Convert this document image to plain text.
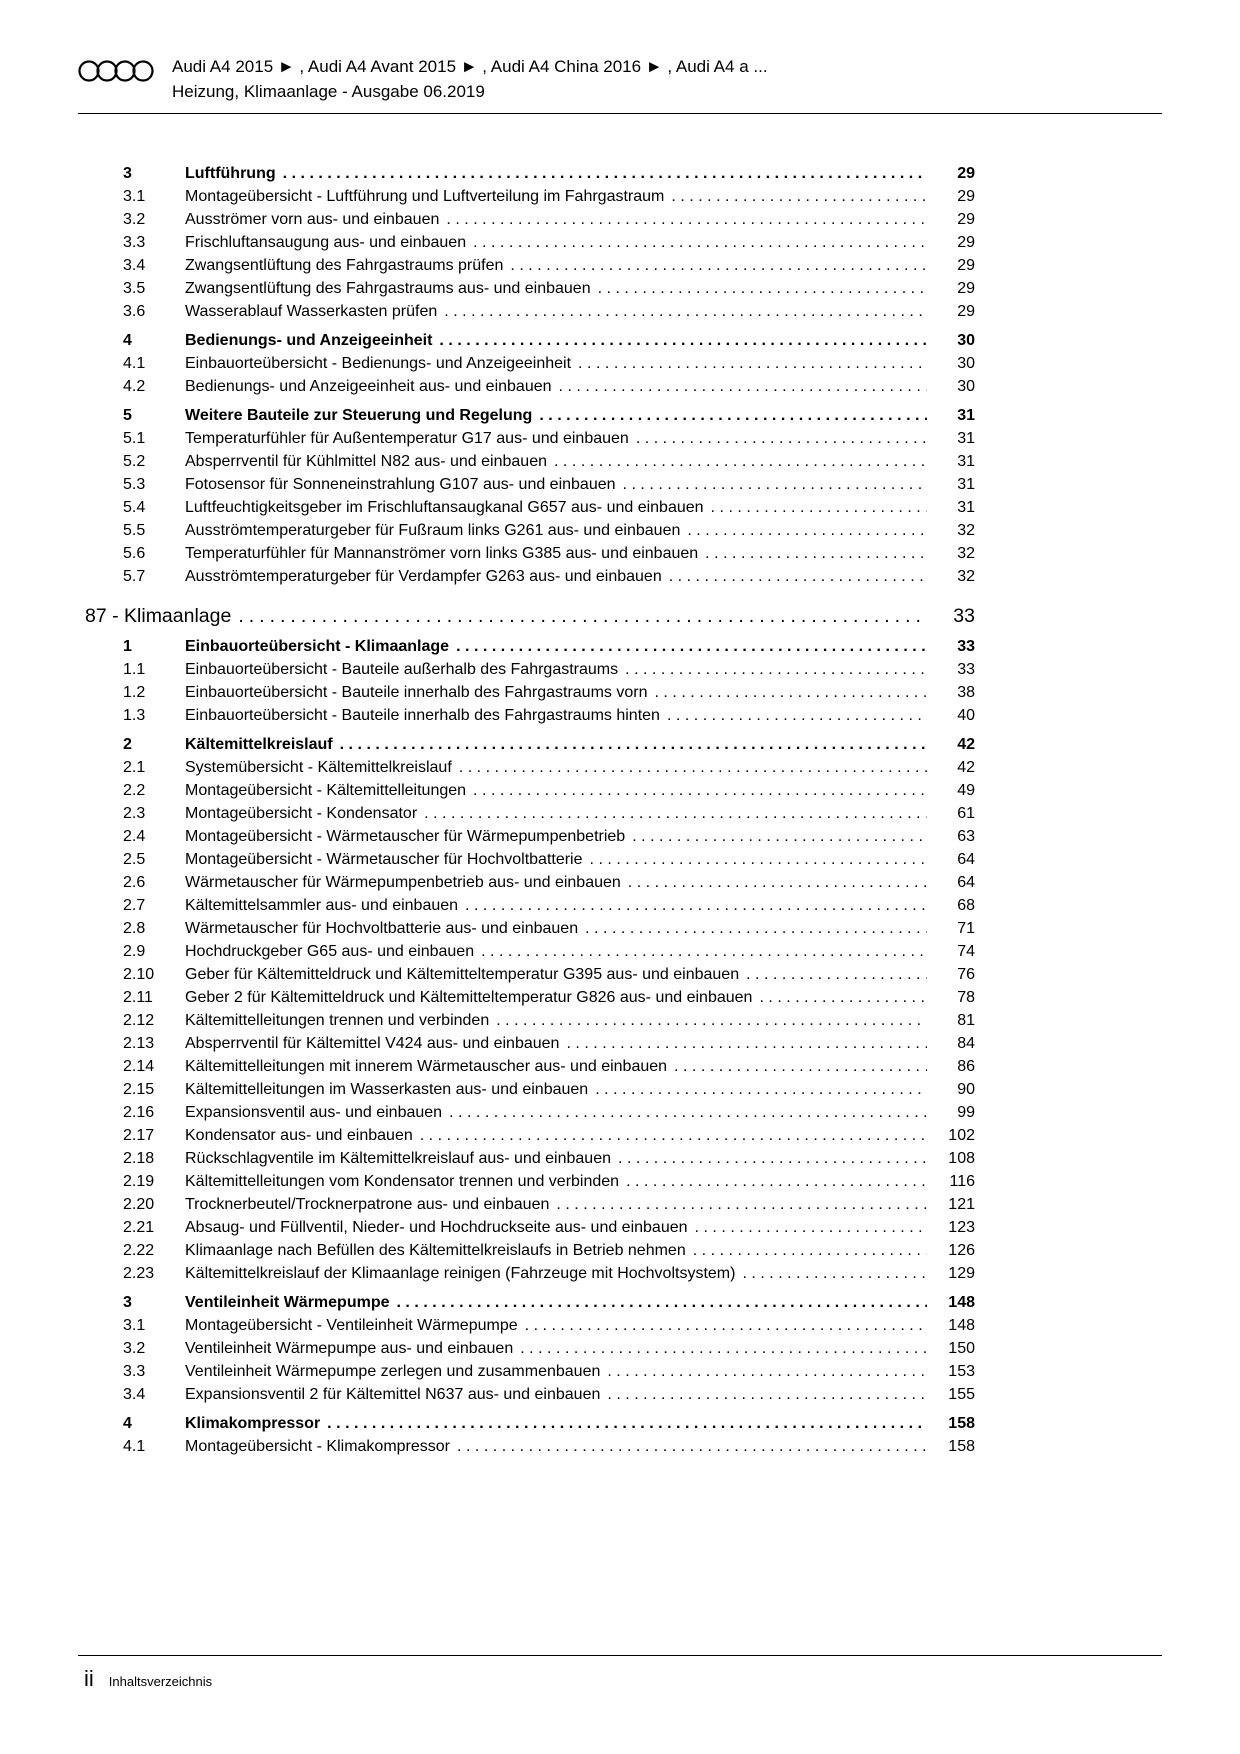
Audi A4 2015 ► , Audi A4 Avant 2015 ► , Audi A4 China 2016 ► , Audi A4 a ...
Heizung, Klimaanlage - Ausgabe 06.2019
3	Luftführung .....	29
3.1	Montageübersicht - Luftführung und Luftverteilung im Fahrgastraum .....	29
3.2	Ausströmer vorn aus- und einbauen .....	29
3.3	Frischluftansaugung aus- und einbauen .....	29
3.4	Zwangsentlüftung des Fahrgastraums prüfen .....	29
3.5	Zwangsentlüftung des Fahrgastraums aus- und einbauen .....	29
3.6	Wasserablauf Wasserkasten prüfen .....	29
4	Bedienungs- und Anzeigeeinheit .....	30
4.1	Einbauorteübersicht - Bedienungs- und Anzeigeeinheit .....	30
4.2	Bedienungs- und Anzeigeeinheit aus- und einbauen .....	30
5	Weitere Bauteile zur Steuerung und Regelung .....	31
5.1	Temperaturfühler für Außentemperatur G17 aus- und einbauen .....	31
5.2	Absperrventil für Kühlmittel N82 aus- und einbauen .....	31
5.3	Fotosensor für Sonneneinstrahlung G107 aus- und einbauen .....	31
5.4	Luftfeuchtigkeitsgeber im Frischluftansaugkanal G657 aus- und einbauen .....	31
5.5	Ausströmtemperaturgeber für Fußraum links G261 aus- und einbauen .....	32
5.6	Temperaturfühler für Mannanströmer vorn links G385 aus- und einbauen .....	32
5.7	Ausströmtemperaturgeber für Verdampfer G263 aus- und einbauen .....	32
87 - Klimaanlage .....	33
1	Einbauorteübersicht - Klimaanlage .....	33
1.1	Einbauorteübersicht - Bauteile außerhalb des Fahrgastraums .....	33
1.2	Einbauorteübersicht - Bauteile innerhalb des Fahrgastraums vorn .....	38
1.3	Einbauorteübersicht - Bauteile innerhalb des Fahrgastraums hinten .....	40
2	Kältemittelkreislauf .....	42
2.1	Systemübersicht - Kältemittelkreislauf .....	42
2.2	Montageübersicht - Kältemittelleitungen .....	49
2.3	Montageübersicht - Kondensator .....	61
2.4	Montageübersicht - Wärmetauscher für Wärmepumpenbetrieb .....	63
2.5	Montageübersicht - Wärmetauscher für Hochvoltbatterie .....	64
2.6	Wärmetauscher für Wärmepumpenbetrieb aus- und einbauen .....	64
2.7	Kältemittelsammler aus- und einbauen .....	68
2.8	Wärmetauscher für Hochvoltbatterie aus- und einbauen .....	71
2.9	Hochdruckgeber G65 aus- und einbauen .....	74
2.10	Geber für Kältemitteldruck und Kältemitteltemperatur G395 aus- und einbauen .....	76
2.11	Geber 2 für Kältemitteldruck und Kältemitteltemperatur G826 aus- und einbauen .....	78
2.12	Kältemittelleitungen trennen und verbinden .....	81
2.13	Absperrventil für Kältemittel V424 aus- und einbauen .....	84
2.14	Kältemittelleitungen mit innerem Wärmetauscher aus- und einbauen .....	86
2.15	Kältemittelleitungen im Wasserkasten aus- und einbauen .....	90
2.16	Expansionsventil aus- und einbauen .....	99
2.17	Kondensator aus- und einbauen .....	102
2.18	Rückschlagventile im Kältemittelkreislauf aus- und einbauen .....	108
2.19	Kältemittelleitungen vom Kondensator trennen und verbinden .....	116
2.20	Trocknerbeutel/Trocknerpatrone aus- und einbauen .....	121
2.21	Absaug- und Füllventil, Nieder- und Hochdruckseite aus- und einbauen .....	123
2.22	Klimaanlage nach Befüllen des Kältemittelkreislaufs in Betrieb nehmen .....	126
2.23	Kältemittelkreislauf der Klimaanlage reinigen (Fahrzeuge mit Hochvoltsystem) .....	129
3	Ventileinheit Wärmepumpe .....	148
3.1	Montageübersicht - Ventileinheit Wärmepumpe .....	148
3.2	Ventileinheit Wärmepumpe aus- und einbauen .....	150
3.3	Ventileinheit Wärmepumpe zerlegen und zusammenbauen .....	153
3.4	Expansionsventil 2 für Kältemittel N637 aus- und einbauen .....	155
4	Klimakompressor .....	158
4.1	Montageübersicht - Klimakompressor .....	158
ii Inhaltsverzeichnis
